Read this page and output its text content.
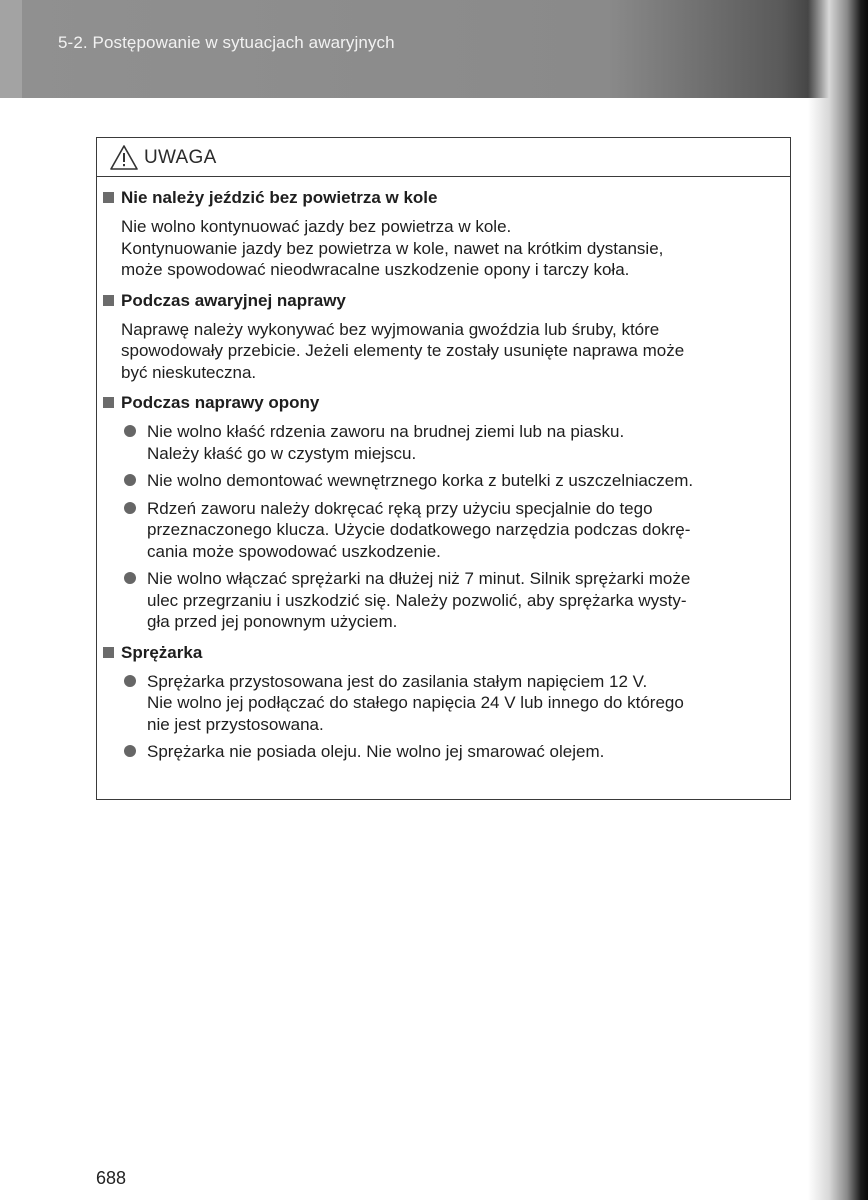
5-2. Postępowanie w sytuacjach awaryjnych
UWAGA
Nie należy jeździć bez powietrza w kole
Nie wolno kontynuować jazdy bez powietrza w kole.
Kontynuowanie jazdy bez powietrza w kole, nawet na krótkim dystansie,
może spowodować nieodwracalne uszkodzenie opony i tarczy koła.
Podczas awaryjnej naprawy
Naprawę należy wykonywać bez wyjmowania gwoździa lub śruby, które
spowodowały przebicie. Jeżeli elementy te zostały usunięte naprawa może
być nieskuteczna.
Podczas naprawy opony
Nie wolno kłaść rdzenia zaworu na brudnej ziemi lub na piasku.
Należy kłaść go w czystym miejscu.
Nie wolno demontować wewnętrznego korka z butelki z uszczelniaczem.
Rdzeń zaworu należy dokręcać ręką przy użyciu specjalnie do tego
przeznaczonego klucza. Użycie dodatkowego narzędzia podczas dokrę-
cania może spowodować uszkodzenie.
Nie wolno włączać sprężarki na dłużej niż 7 minut. Silnik sprężarki może
ulec przegrzaniu i uszkodzić się. Należy pozwolić, aby sprężarka wysty-
gła przed jej ponownym użyciem.
Sprężarka
Sprężarka przystosowana jest do zasilania stałym napięciem 12 V.
Nie wolno jej podłączać do stałego napięcia 24 V lub innego do którego
nie jest przystosowana.
Sprężarka nie posiada oleju. Nie wolno jej smarować olejem.
688
